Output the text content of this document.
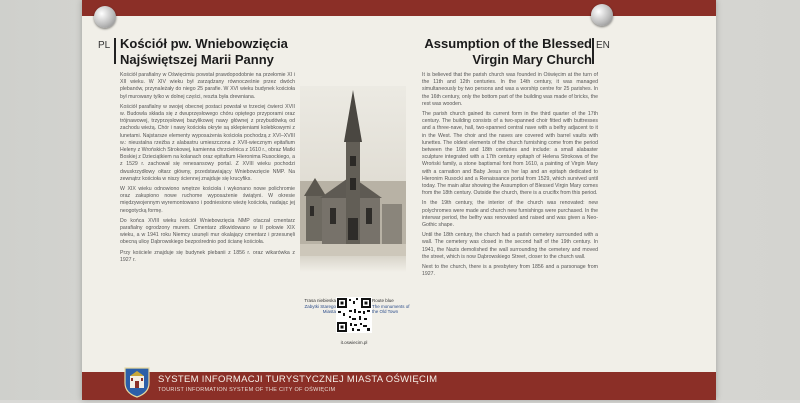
PL Kościół pw. Wniebowzięcia
Najświętszej Marii Panny
Assumption of the Blessed
Virgin Mary Church
EN

Kościół parafialny w Oświęcimiu powstał prawdopodobnie na przełomie XI i XII wieku. W XIV wieku był zarządzany równocześnie przez dwóch plebanów, przynależały do niego 25 parafie. W XVI wieku budynek kościoła był murowany tylko w dolnej części, reszta była drewniana.

Kościół parafialny w swojej obecnej postaci powstał w trzeciej ćwierci XVII w. Budowla składa się z dwuprzęsłowego chóru opiętego przyporami oraz trójnawowej, trzyprzęsłowej bazylikowej nawy głównej z przybudówką od zachodu wieżą. Chór i nawy kościoła okryte są sklepieniami kolebkowymi z lunetami. Najstarsze elementy wyposażenia kościoła pochodzą z XVI–XVIII w.: nieustalna rzeźba z alabastru umieszczona z XVII-wiecznym epitafium Heleny z Wrońskich Strokowej, kamienna chrzcielnica z 1610 r., obraz Matki Boskiej z Dzieciątkiem na kolanach oraz epitafium Hieronima Rusockiego, a z 1529 r. zachował się renesansowy portal. Z XVIII wieku pochodzi dwuskrzydłowy ołtarz główny, przedstawiający Wniebowzięcie NMP. Na zewnątrz kościoła w niszy ściennej znajduje się krucyfiks.

W XIX wieku odnowiono wnętrze kościoła i wykonano nowe polichromie oraz zakupiono nowe ruchome wyposażenie świątyni. W okresie międzywojennym wyremontowano i podniesiono wieżę kościoła, nadając jej neogotycką formę.

Do końca XVIII wieku kościół Wniebowzięcia NMP otaczał cmentarz parafialny ogrodzony murem. Cmentarz zlikwidowano w II połowie XIX wieku, a w 1941 roku Niemcy usunęli mur okalający cmentarz i przesunęli obecną ulicę Dąbrowskiego bezpośrednio pod ścianę kościoła.

Przy kościele znajduje się budynek plebanii z 1856 r. oraz wikarówka z 1927 r.

It is believed that the parish church was founded in Oświęcim at the turn of the 11th and 12th centuries. In the 14th century, it was managed simultaneously by two persons and was a worship centre for 25 parishes. In the 16th century, only the bottom part of the building was made of bricks, the rest was wooden.

The parish church gained its current form in the third quarter of the 17th century. The building consists of a two-spanned choir fitted with buttresses and a three-nave, hall, two-spanned central nave with a belfry adjacent to it in the West. The choir and the naves are covered with barrel vaults with lunettes. The oldest elements of the church furnishing come from the period between the 16th and 18th centuries and include: a small alabaster sculpture integrated with a 17th century epitaph of Helena Strokowa of the Wroński family, a stone baptismal font from 1610, a painting of Virgin Mary with a carnation and Baby Jesus on her lap and an epitaph dedicated to Hieronim Rusocki and a Renaissance portal from 1529, which survived until today. The main altar showing the Assumption of Blessed Virgin Mary comes from the 18th century. Outside the church, there is a crucifix from this period.

In the 19th century, the interior of the church was renovated: new polychromes were made and church new furnishings were purchased. In the interwar period, the belfry was renovated and raised and was given a Neo-Gothic shape.

Until the 18th century, the church had a parish cemetery surrounded with a wall. The cemetery was closed in the second half of the 19th century. In 1941, the Nazis demolished the wall surrounding the cemetery and moved the street, which is now Dąbrowskiego Street, closer to the church wall.

Next to the church, there is a presbytery from 1856 and a parsonage from 1927.

Trasa niebieska
Zabytki Starego Miasta
it.oswiecim.pl
Route blue
The monuments of the Old Town
SYSTEM INFORMACJI TURYSTYCZNEJ MIASTA OŚWIĘCIM
TOURIST INFORMATION SYSTEM OF THE CITY OF OŚWIĘCIM
